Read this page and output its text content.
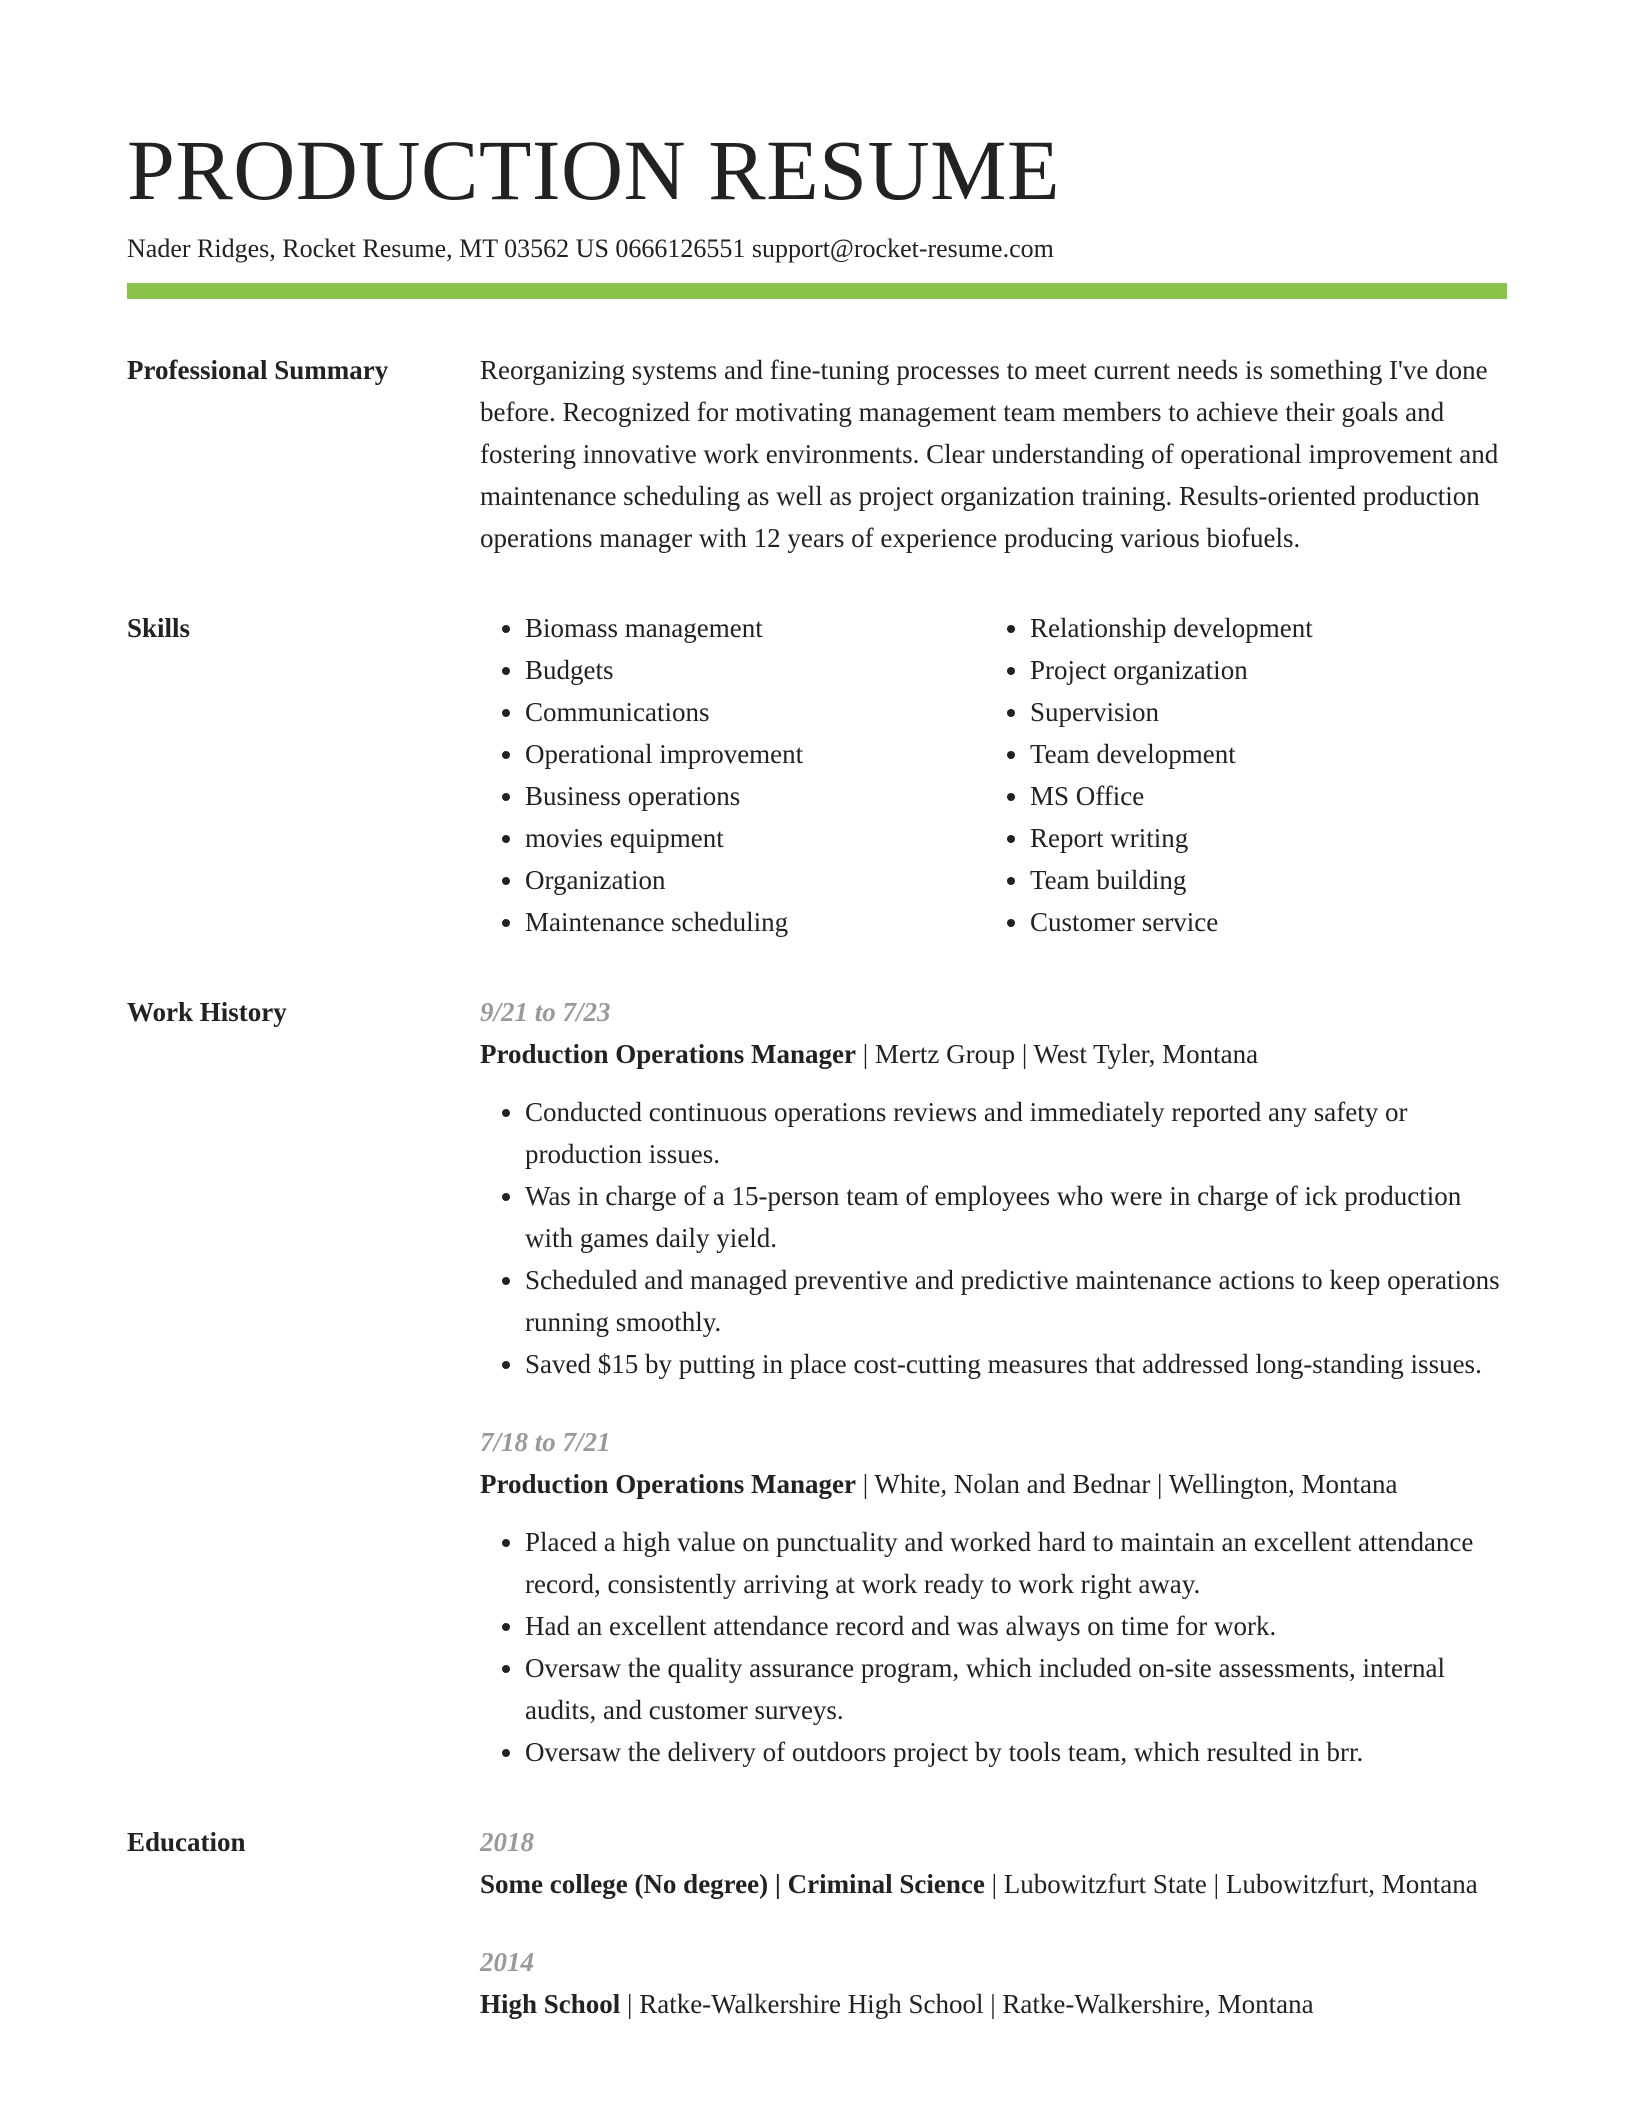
PRODUCTION RESUME
Nader Ridges, Rocket Resume, MT 03562 US 0666126551 support@rocket-resume.com
Professional Summary	Reorganizing systems and fine-tuning processes to meet current needs is something I've done before. Recognized for motivating management team members to achieve their goals and fostering innovative work environments. Clear understanding of operational improvement and maintenance scheduling as well as project organization training. Results-oriented production operations manager with 12 years of experience producing various biofuels.

Skills
•	Biomass management
• Budgets
• Communications
• Operational improvement
• Business operations
• movies equipment
• Organization
• Maintenance scheduling
• Relationship development
• Project organization
• Supervision
• Team development
• MS Office
• Report writing
• Team building
• Customer service
Work History	9/21 to 7/23
Production Operations Manager | Mertz Group | West Tyler, Montana
• Conducted continuous operations reviews and immediately reported any safety or production issues.
• Was in charge of a 15-person team of employees who were in charge of ick production with games daily yield.
• Scheduled and managed preventive and predictive maintenance actions to keep operations running smoothly.
• Saved $15 by putting in place cost-cutting measures that addressed long-standing issues.
7/18 to 7/21
Production Operations Manager | White, Nolan and Bednar | Wellington, Montana
• Placed a high value on punctuality and worked hard to maintain an excellent attendance record, consistently arriving at work ready to work right away.
• Had an excellent attendance record and was always on time for work.
• Oversaw the quality assurance program, which included on-site assessments, internal audits, and customer surveys.
• Oversaw the delivery of outdoors project by tools team, which resulted in brr.
Education	2018
Some college (No degree) | Criminal Science | Lubowitzfurt State | Lubowitzfurt, Montana
2014
High School | Ratke-Walkershire High School | Ratke-Walkershire, Montana
